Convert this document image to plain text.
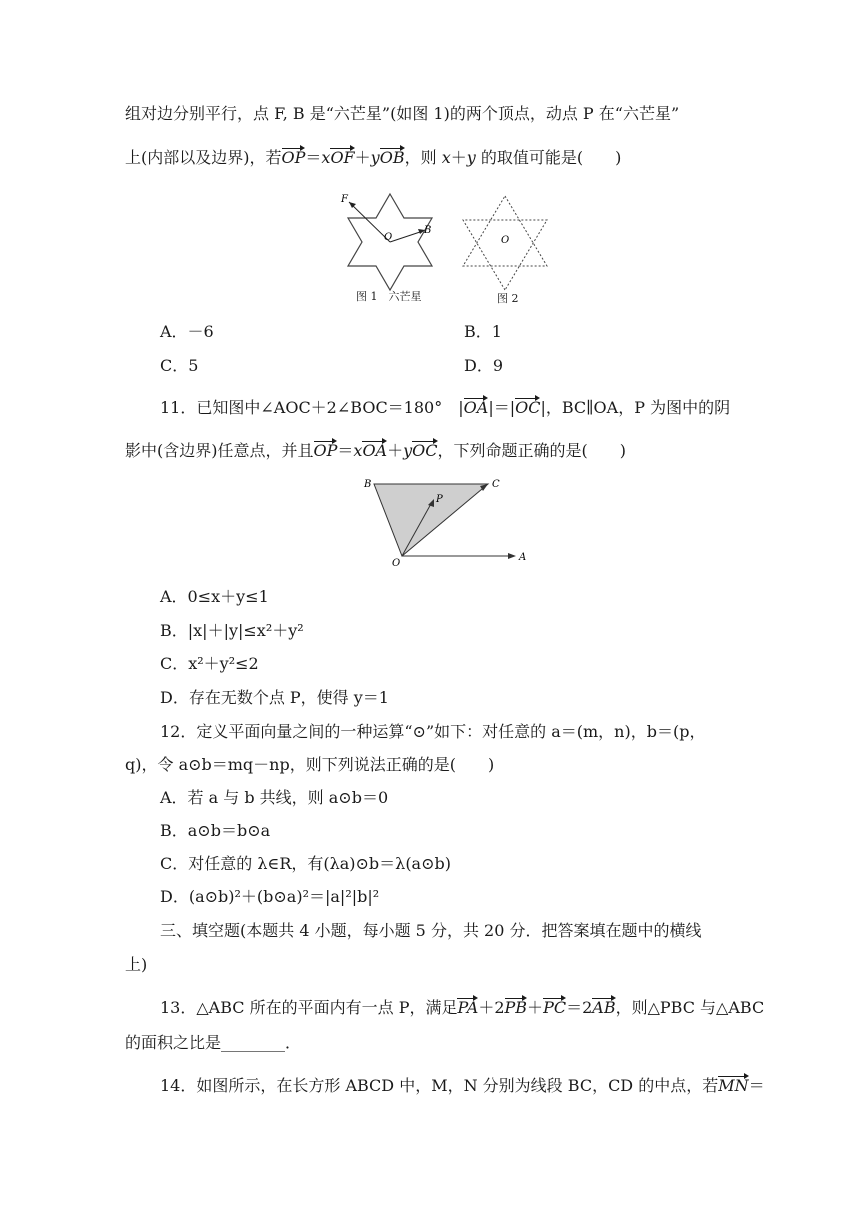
组对边分别平行，点 F, B 是“六芒星”(如图 1)的两个顶点，动点 P 在“六芒星”
上(内部以及边界)，若OP＝xOF＋yOB，则 x＋y 的取值可能是(　　)
F
O
B
图 1　六芒星
O
图 2
A．－6	B．1
C．5	D．9
11．已知图中∠AOC＋2∠BOC＝180°　|OA|＝|OC|，BC∥OA，P 为图中的阴
影中(含边界)任意点，并且OP＝xOA＋yOC，下列命题正确的是(　　)
B	C
P
O
A
A．0≤x＋y≤1
B．|x|＋|y|≤x²＋y²
C．x²＋y²≤2
D．存在无数个点 P，使得 y＝1
12．定义平面向量之间的一种运算“⊙”如下：对任意的 a＝(m，n)，b＝(p，
q)，令 a⊙b＝mq－np，则下列说法正确的是(　　)
A．若 a 与 b 共线，则 a⊙b＝0
B．a⊙b＝b⊙a
C．对任意的 λ∈R，有(λa)⊙b＝λ(a⊙b)
D．(a⊙b)²＋(b⊙a)²＝|a|²|b|²
三、填空题(本题共 4 小题，每小题 5 分，共 20 分．把答案填在题中的横线
上)
13．△ABC 所在的平面内有一点 P，满足PA＋2PB＋PC＝2AB，则△PBC 与△ABC
的面积之比是________．
14．如图所示，在长方形 ABCD 中，M，N 分别为线段 BC，CD 的中点，若MN＝
